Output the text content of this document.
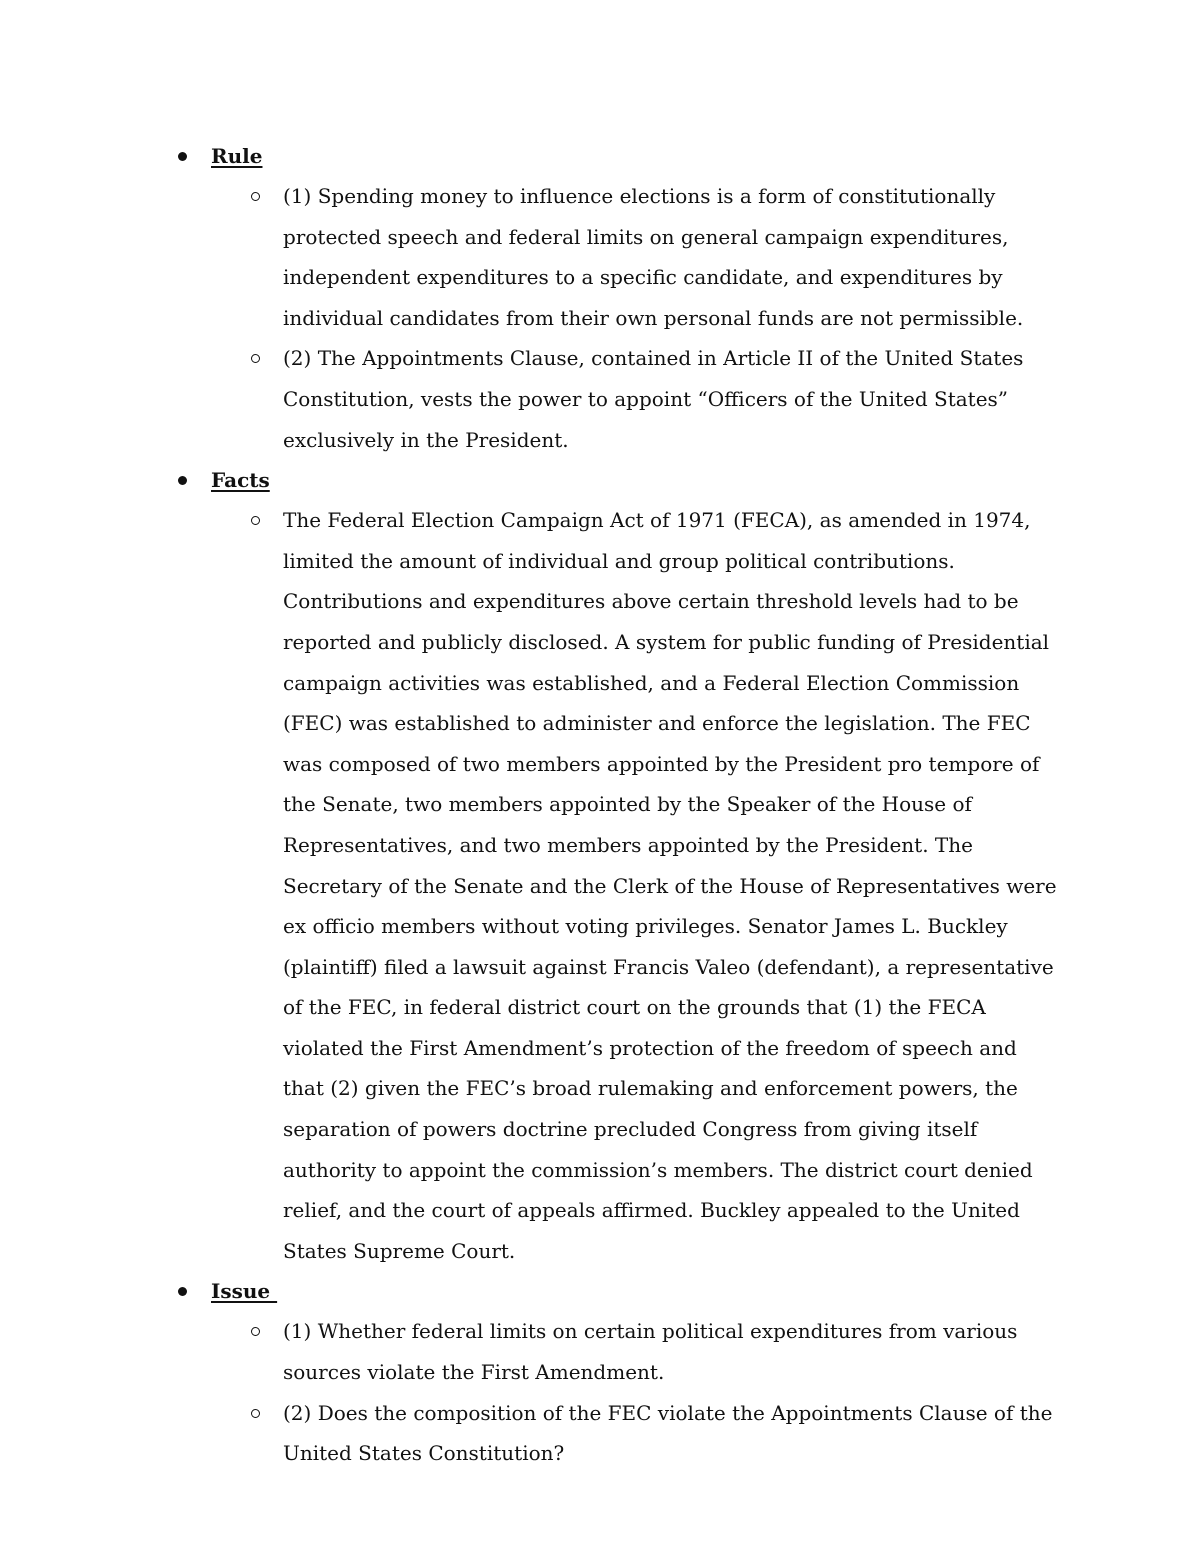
Rule
(1) Spending money to influence elections is a form of constitutionally protected speech and federal limits on general campaign expenditures, independent expenditures to a specific candidate, and expenditures by individual candidates from their own personal funds are not permissible.
(2) The Appointments Clause, contained in Article II of the United States Constitution, vests the power to appoint “Officers of the United States” exclusively in the President.
Facts
The Federal Election Campaign Act of 1971 (FECA), as amended in 1974, limited the amount of individual and group political contributions. Contributions and expenditures above certain threshold levels had to be reported and publicly disclosed. A system for public funding of Presidential campaign activities was established, and a Federal Election Commission (FEC) was established to administer and enforce the legislation. The FEC was composed of two members appointed by the President pro tempore of the Senate, two members appointed by the Speaker of the House of Representatives, and two members appointed by the President. The Secretary of the Senate and the Clerk of the House of Representatives were ex officio members without voting privileges. Senator James L. Buckley (plaintiff) filed a lawsuit against Francis Valeo (defendant), a representative of the FEC, in federal district court on the grounds that (1) the FECA violated the First Amendment’s protection of the freedom of speech and that (2) given the FEC’s broad rulemaking and enforcement powers, the separation of powers doctrine precluded Congress from giving itself authority to appoint the commission’s members. The district court denied relief, and the court of appeals affirmed. Buckley appealed to the United States Supreme Court.
Issue
(1) Whether federal limits on certain political expenditures from various sources violate the First Amendment.
(2) Does the composition of the FEC violate the Appointments Clause of the United States Constitution?
